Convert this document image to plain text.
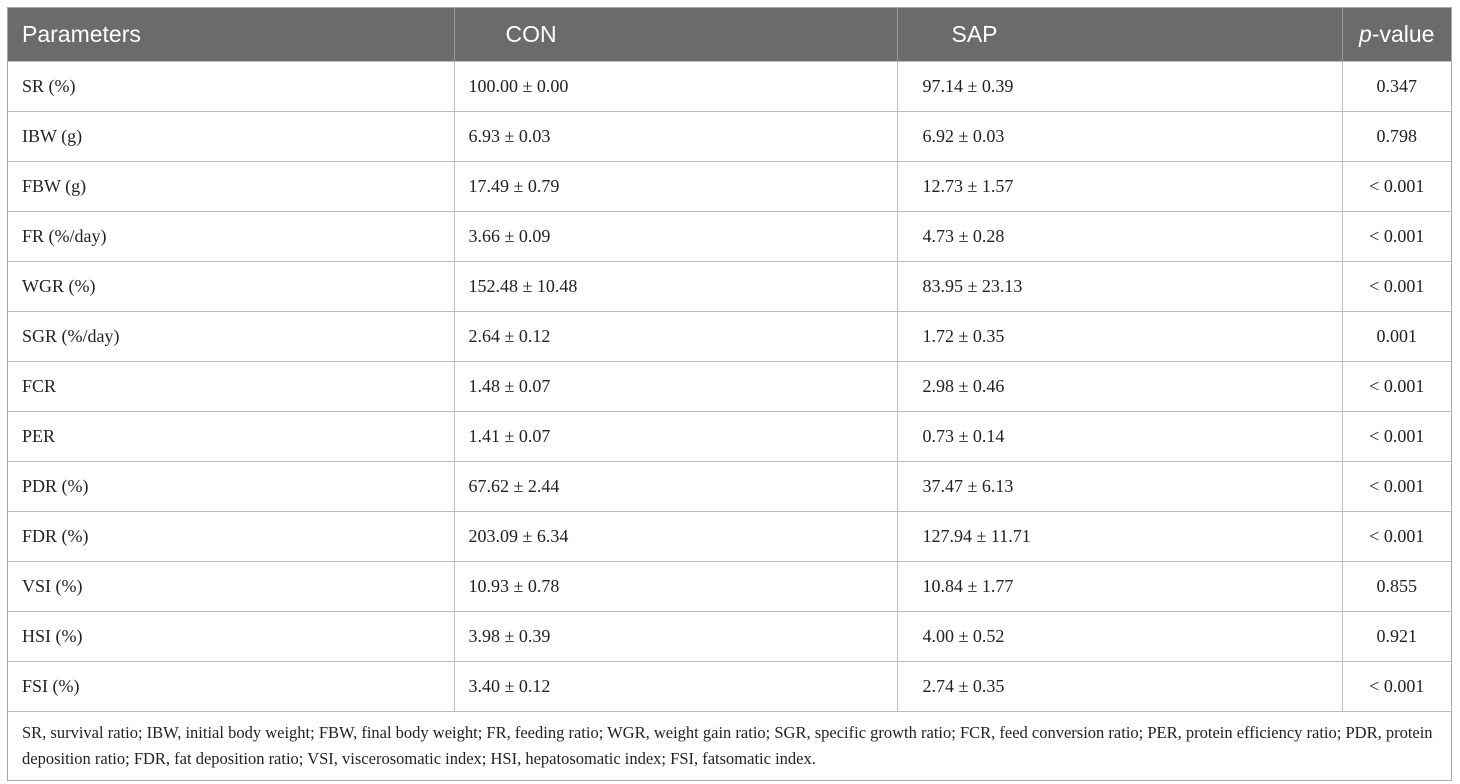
Parameters	CON	SAP	p-value
SR (%)	100.00 ± 0.00	97.14 ± 0.39	0.347
IBW (g)	6.93 ± 0.03	6.92 ± 0.03	0.798
FBW (g)	17.49 ± 0.79	12.73 ± 1.57	< 0.001
FR (%/day)	3.66 ± 0.09	4.73 ± 0.28	< 0.001
WGR (%)	152.48 ± 10.48	83.95 ± 23.13	< 0.001
SGR (%/day)	2.64 ± 0.12	1.72 ± 0.35	0.001
FCR	1.48 ± 0.07	2.98 ± 0.46	< 0.001
PER	1.41 ± 0.07	0.73 ± 0.14	< 0.001
PDR (%)	67.62 ± 2.44	37.47 ± 6.13	< 0.001
FDR (%)	203.09 ± 6.34	127.94 ± 11.71	< 0.001
VSI (%)	10.93 ± 0.78	10.84 ± 1.77	0.855
HSI (%)	3.98 ± 0.39	4.00 ± 0.52	0.921
FSI (%)	3.40 ± 0.12	2.74 ± 0.35	< 0.001
SR, survival ratio; IBW, initial body weight; FBW, final body weight; FR, feeding ratio; WGR, weight gain ratio; SGR, specific growth ratio; FCR, feed conversion ratio; PER, protein efficiency ratio; PDR, protein deposition ratio; FDR, fat deposition ratio; VSI, viscerosomatic index; HSI, hepatosomatic index; FSI, fatsomatic index.			
